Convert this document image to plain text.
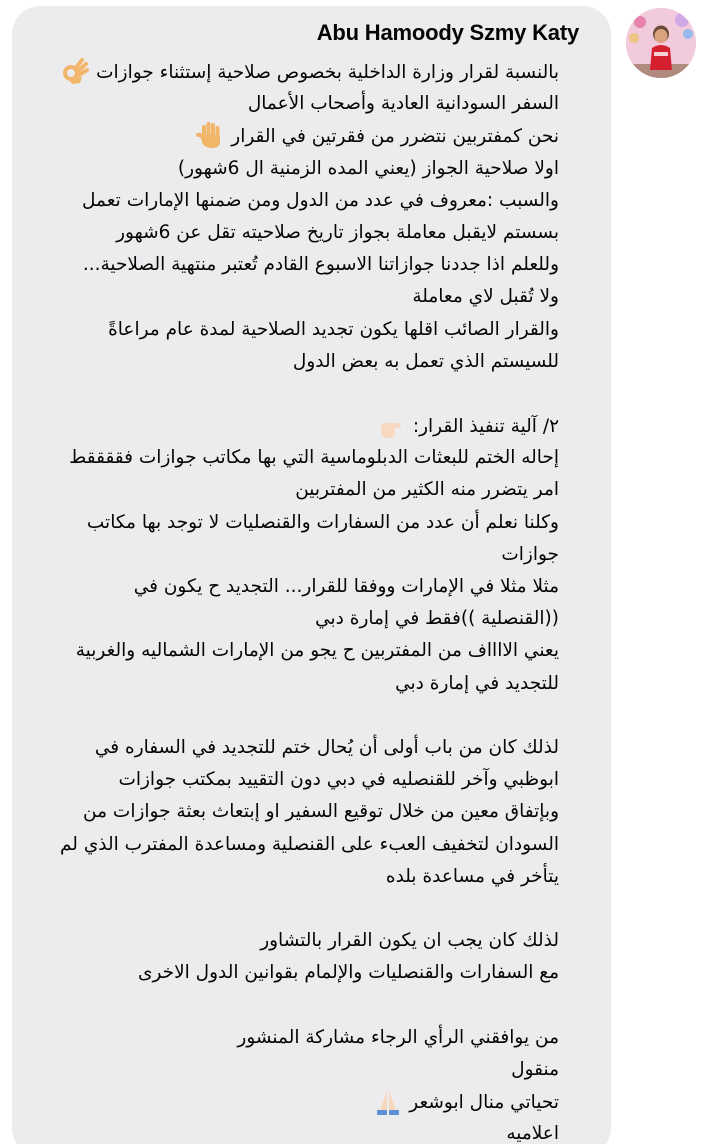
Abu Hamoody Szmy Katy
بالنسبة لقرار وزارة الداخلية بخصوص صلاحية إستثناء جوازات
السفر السودانية العادية وأصحاب الأعمال
نحن كمفتربين نتضرر من فقرتين في القرار
اولا صلاحية الجواز (يعني المده الزمنية ال 6شهور)
والسبب :معروف في عدد من الدول ومن ضمنها الإمارات تعمل
بسستم لايقبل معاملة بجواز تاريخ صلاحيته تقل عن 6شهور
وللعلم اذا جددنا جوازاتنا الاسبوع القادم تُعتبر منتهية الصلاحية...
ولا تُقبل لاي معاملة
والقرار الصائب اقلها يكون تجديد الصلاحية لمدة عام مراعاةً
للسيستم الذي تعمل به بعض الدول
٢/ آلية تنفيذ القرار:
إحاله الختم للبعثات الدبلوماسية التي بها مكاتب جوازات فققققط
امر يتضرر منه الكثير من المفتربين
وكلنا نعلم أن عدد من السفارات والقنصليات لا توجد بها مكاتب
جوازات
مثلا مثلا في الإمارات ووفقا للقرار... التجديد ح يكون في
((القنصلية ))فقط في إمارة دبي
يعني الااااف من المفتربين ح يجو من الإمارات الشماليه والغربية
للتجديد في إمارة دبي
لذلك كان من باب أولى أن يُحال ختم للتجديد في السفاره في
ابوظبي وآخر للقنصليه في دبي دون التقييد بمكتب جوازات
وبإتفاق معين من خلال توقيع السفير او إبتعاث بعثة جوازات من
السودان لتخفيف العبء على القنصلية ومساعدة المفترب الذي لم
يتأخر في مساعدة بلده
لذلك كان يجب ان يكون القرار بالتشاور
مع السفارات والقنصليات والإلمام بقوانين الدول الاخرى
من يوافقني الرأي الرجاء مشاركة المنشور
منقول
تحياتي منال ابوشعر
اعلاميه
